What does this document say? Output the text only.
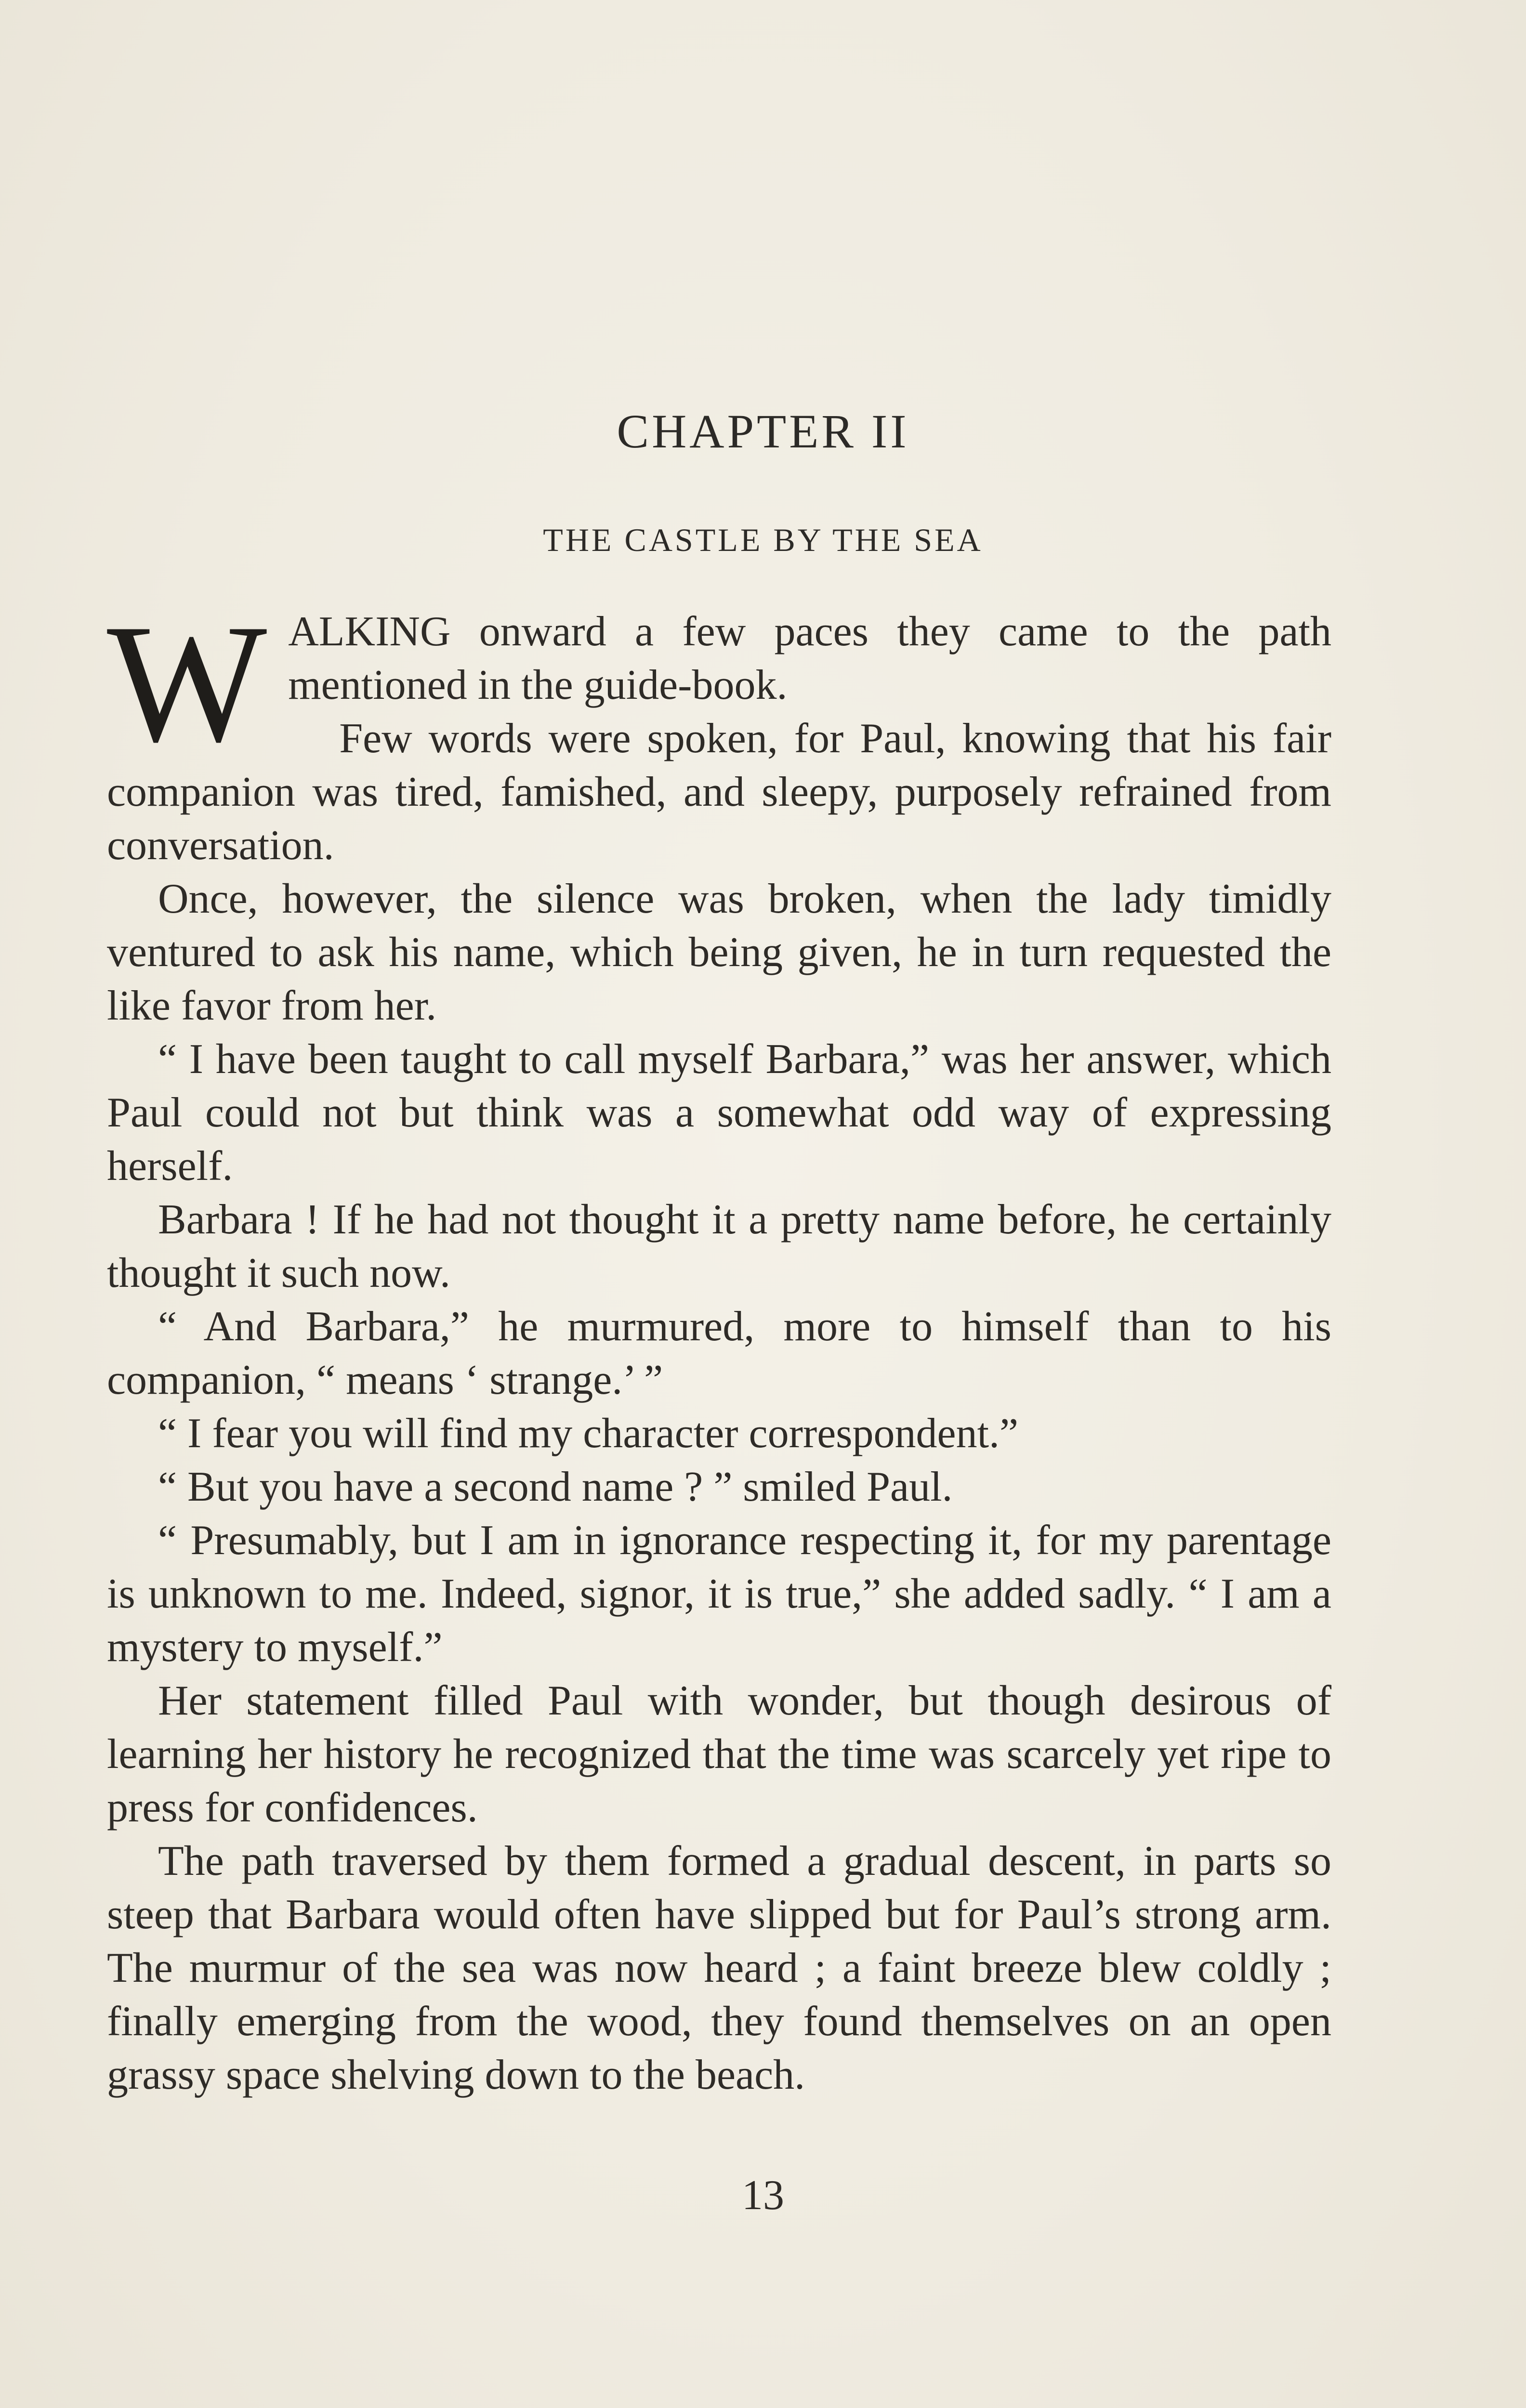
CHAPTER II
THE CASTLE BY THE SEA

WALKING onward a few paces they came to the path mentioned in the guide-book.

Few words were spoken, for Paul, knowing that his fair companion was tired, famished, and sleepy, purposely refrained from conversation.

Once, however, the silence was broken, when the lady timidly ventured to ask his name, which being given, he in turn requested the like favor from her.

“ I have been taught to call myself Barbara,” was her answer, which Paul could not but think was a somewhat odd way of expressing herself.

Barbara ! If he had not thought it a pretty name before, he certainly thought it such now.

“ And Barbara,” he murmured, more to himself than to his companion, “ means ‘ strange.’ ”

“ I fear you will find my character correspondent.”

“ But you have a second name ? ” smiled Paul.

“ Presumably, but I am in ignorance respecting it, for my parentage is unknown to me. Indeed, signor, it is true,” she added sadly. “ I am a mystery to myself.”

Her statement filled Paul with wonder, but though desirous of learning her history he recognized that the time was scarcely yet ripe to press for confidences.

The path traversed by them formed a gradual descent, in parts so steep that Barbara would often have slipped but for Paul’s strong arm. The murmur of the sea was now heard ; a faint breeze blew coldly ; finally emerging from the wood, they found themselves on an open grassy space shelving down to the beach.

13
